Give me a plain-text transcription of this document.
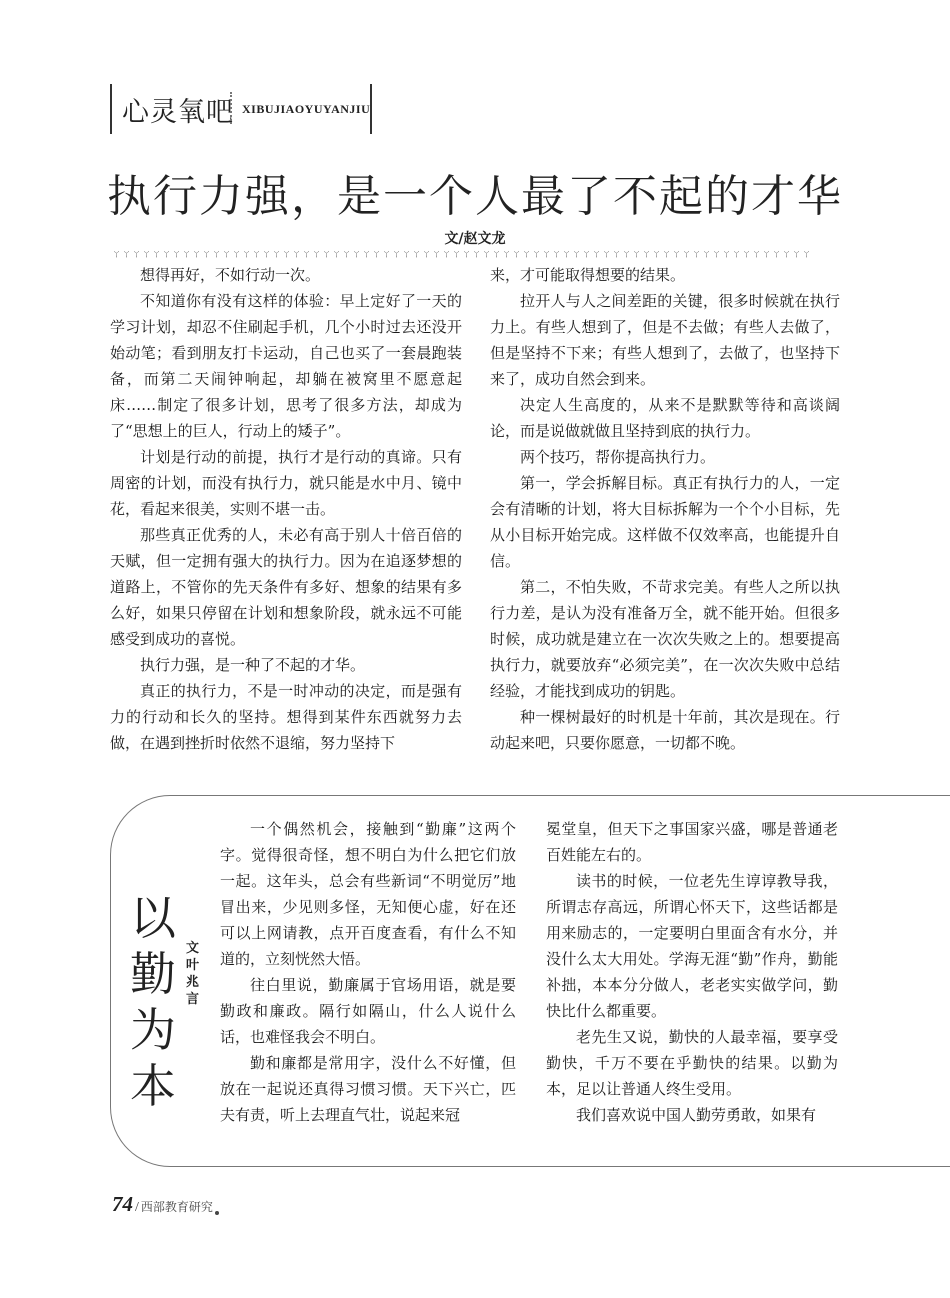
心灵氧吧 XIBUJIAOYUYANJIU
执行力强，是一个人最了不起的才华
文/赵文龙
ㄚㄚㄚㄚㄚㄚㄚㄚㄚㄚㄚㄚㄚㄚㄚㄚㄚㄚㄚㄚㄚㄚㄚㄚㄚㄚㄚㄚㄚㄚㄚㄚㄚㄚㄚㄚㄚㄚㄚㄚㄚㄚㄚㄚㄚㄚㄚㄚㄚㄚㄚㄚㄚㄚㄚㄚㄚㄚㄚㄚㄚㄚㄚㄚㄚㄚㄚㄚㄚㄚ

想得再好，不如行动一次。

不知道你有没有这样的体验：早上定好了一天的学习计划，却忍不住刷起手机，几个小时过去还没开始动笔；看到朋友打卡运动，自己也买了一套晨跑装备，而第二天闹钟响起，却躺在被窝里不愿意起床……制定了很多计划，思考了很多方法，却成为了“思想上的巨人，行动上的矮子”。

计划是行动的前提，执行才是行动的真谛。只有周密的计划，而没有执行力，就只能是水中月、镜中花，看起来很美，实则不堪一击。

那些真正优秀的人，未必有高于别人十倍百倍的天赋，但一定拥有强大的执行力。因为在追逐梦想的道路上，不管你的先天条件有多好、想象的结果有多么好，如果只停留在计划和想象阶段，就永远不可能感受到成功的喜悦。

执行力强，是一种了不起的才华。

真正的执行力，不是一时冲动的决定，而是强有力的行动和长久的坚持。想得到某件东西就努力去做，在遇到挫折时依然不退缩，努力坚持下

来，才可能取得想要的结果。

拉开人与人之间差距的关键，很多时候就在执行力上。有些人想到了，但是不去做；有些人去做了，但是坚持不下来；有些人想到了，去做了，也坚持下来了，成功自然会到来。

决定人生高度的，从来不是默默等待和高谈阔论，而是说做就做且坚持到底的执行力。

两个技巧，帮你提高执行力。

第一，学会拆解目标。真正有执行力的人，一定会有清晰的计划，将大目标拆解为一个个小目标，先从小目标开始完成。这样做不仅效率高，也能提升自信。

第二，不怕失败，不苛求完美。有些人之所以执行力差，是认为没有准备万全，就不能开始。但很多时候，成功就是建立在一次次失败之上的。想要提高执行力，就要放弃“必须完美”，在一次次失败中总结经验，才能找到成功的钥匙。

种一棵树最好的时机是十年前，其次是现在。行动起来吧，只要你愿意，一切都不晚。

以
勤
为
本
文
叶
兆
言

一个偶然机会，接触到“勤廉”这两个字。觉得很奇怪，想不明白为什么把它们放一起。这年头，总会有些新词“不明觉厉”地冒出来，少见则多怪，无知便心虚，好在还可以上网请教，点开百度查看，有什么不知道的，立刻恍然大悟。

往白里说，勤廉属于官场用语，就是要勤政和廉政。隔行如隔山，什么人说什么话，也难怪我会不明白。

勤和廉都是常用字，没什么不好懂，但放在一起说还真得习惯习惯。天下兴亡，匹夫有责，听上去理直气壮，说起来冠

冕堂皇，但天下之事国家兴盛，哪是普通老百姓能左右的。

读书的时候，一位老先生谆谆教导我，所谓志存高远，所谓心怀天下，这些话都是用来励志的，一定要明白里面含有水分，并没什么太大用处。学海无涯“勤”作舟，勤能补拙，本本分分做人，老老实实做学问，勤快比什么都重要。

老先生又说，勤快的人最幸福，要享受勤快，千万不要在乎勤快的结果。以勤为本，足以让普通人终生受用。

我们喜欢说中国人勤劳勇敢，如果有

74 / 西部教育研究
